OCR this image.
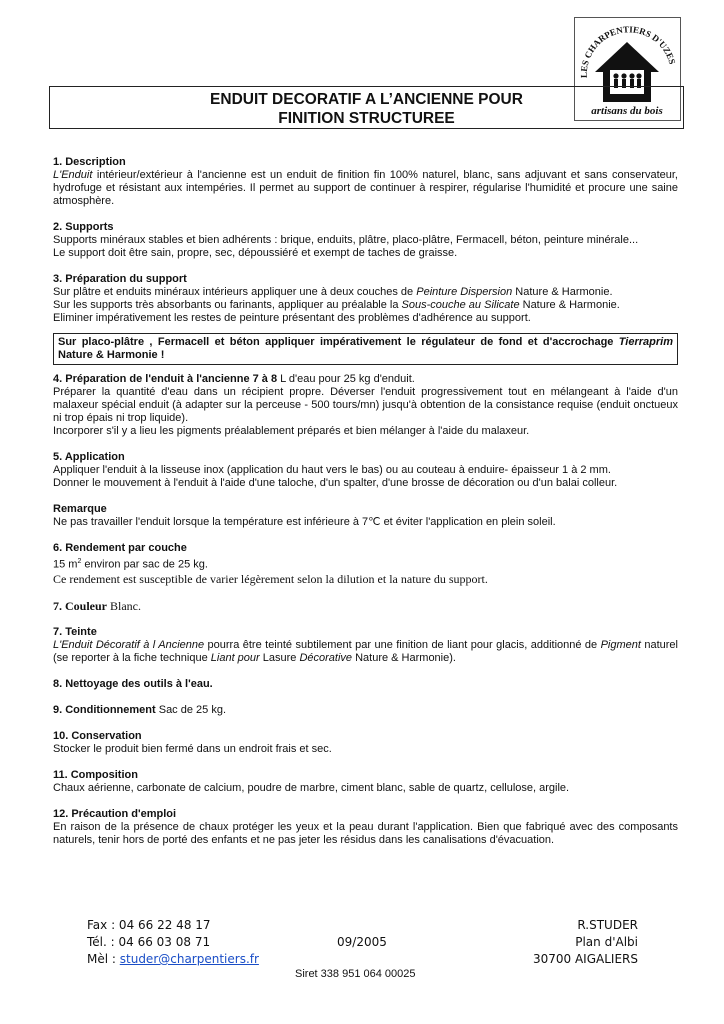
LES CHARPENTIERS D'UZES
artisans du bois
ENDUIT DECORATIF A L’ANCIENNE POUR
FINITION STRUCTUREE

1. Description

L'Enduit intérieur/extérieur à l'ancienne est un enduit de finition fin 100% naturel, blanc, sans adjuvant et sans conservateur, hydrofuge et résistant aux intempéries. Il permet au support de continuer à respirer, régularise l'humidité et procure une saine atmosphère.

2. Supports

Supports minéraux stables et bien adhérents : brique, enduits, plâtre, placo-plâtre, Fermacell, béton, peinture minérale...

Le support doit être sain, propre, sec, dépoussiéré et exempt de taches de graisse.

3. Préparation du support

Sur plâtre et enduits minéraux intérieurs appliquer une à deux couches de Peinture Dispersion Nature & Harmonie.

Sur les supports très absorbants ou farinants, appliquer au préalable la Sous-couche au Silicate Nature & Harmonie.

Eliminer impérativement les restes de peinture présentant des problèmes d'adhérence au support.

Sur placo-plâtre , Fermacell et béton appliquer impérativement le régulateur de fond et d'accrochage Tierraprim Nature & Harmonie !

4. Préparation de l'enduit à l'ancienne 7 à 8 L d'eau pour 25 kg d'enduit.

Préparer la quantité d'eau dans un récipient propre. Déverser l'enduit progressivement tout en mélangeant à l'aide d'un malaxeur spécial enduit (à adapter sur la perceuse - 500 tours/mn) jusqu'à obtention de la consistance requise (enduit onctueux ni trop épais ni trop liquide).

Incorporer s'il y a lieu les pigments préalablement préparés et bien mélanger à l'aide du malaxeur.

5. Application

Appliquer l'enduit à la lisseuse inox (application du haut vers le bas) ou au couteau à enduire- épaisseur 1 à 2 mm.

Donner le mouvement à l'enduit à l'aide d'une taloche, d'un spalter, d'une brosse de décoration ou d'un balai colleur.

Remarque

Ne pas travailler l'enduit lorsque la température est inférieure à 7℃ et éviter l'application en plein soleil.

6. Rendement par couche

15 $m^2$ environ par sac de 25 kg.

Ce rendement est susceptible de varier légèrement selon la dilution et la nature du support.

7. Couleur Blanc.

7. Teinte

L'Enduit Décoratif à l Ancienne pourra être teinté subtilement par une finition de liant pour glacis, additionné de Pigment naturel (se reporter à la fiche technique Liant pour Lasure Décorative Nature & Harmonie).

8. Nettoyage des outils à l'eau.

9. Conditionnement Sac de 25 kg.

10. Conservation

Stocker le produit bien fermé dans un endroit frais et sec.

11. Composition

Chaux aérienne, carbonate de calcium, poudre de marbre, ciment blanc, sable de quartz, cellulose, argile.

12. Précaution d'emploi

En raison de la présence de chaux protéger les yeux et la peau durant l'application. Bien que fabriqué avec des composants naturels, tenir hors de porté des enfants et ne pas jeter les résidus dans les canalisations d'évacuation.

Fax : 04 66 22 48 17
Tél. : 04 66 03 08 71
Mèl : studer@charpentiers.fr
09/2005
R.STUDER
Plan d'Albi
30700 AIGALIERS
Siret 338 951 064 00025
